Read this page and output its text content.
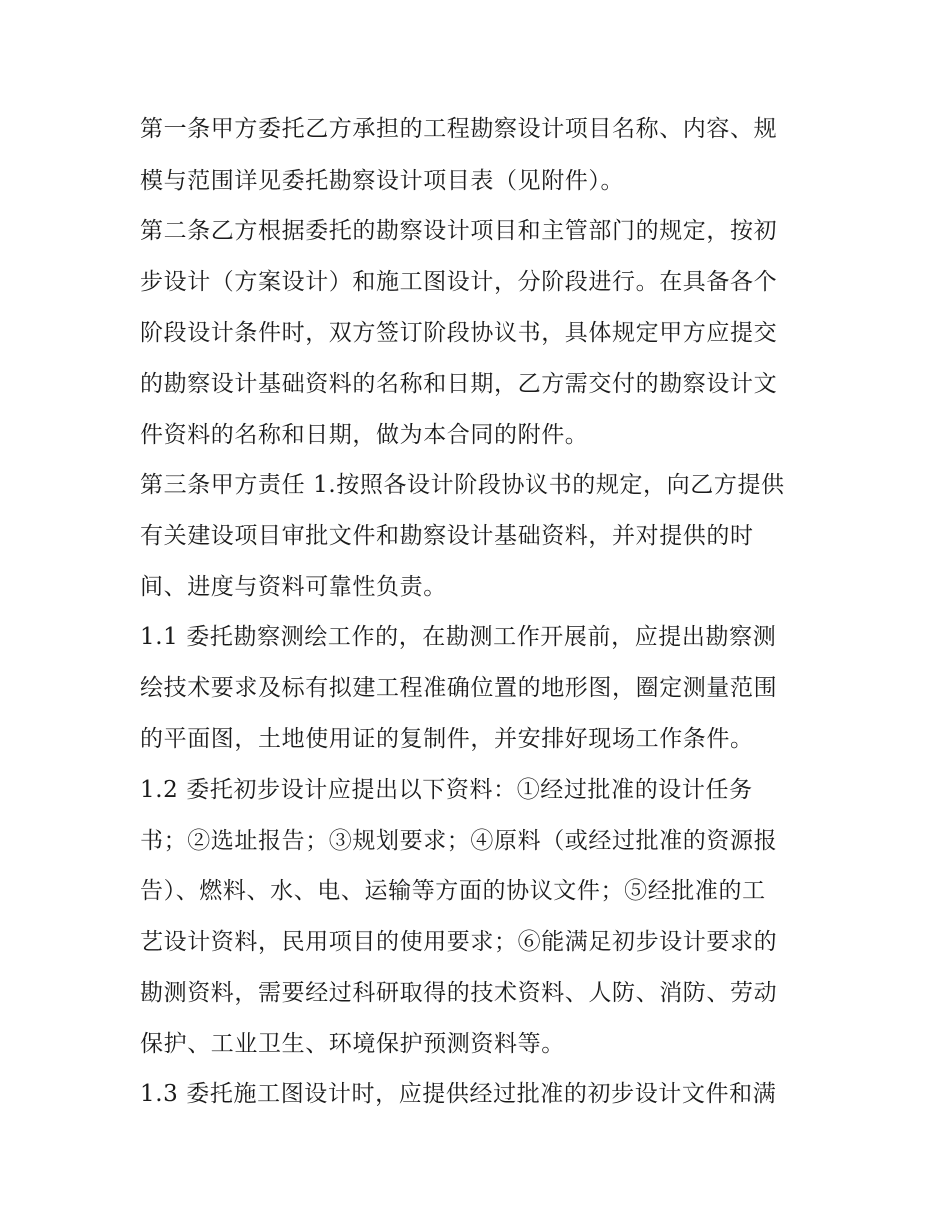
第一条甲方委托乙方承担的工程勘察设计项目名称、内容、规

模与范围详见委托勘察设计项目表（见附件）。

第二条乙方根据委托的勘察设计项目和主管部门的规定，按初

步设计（方案设计）和施工图设计，分阶段进行。在具备各个

阶段设计条件时，双方签订阶段协议书，具体规定甲方应提交

的勘察设计基础资料的名称和日期，乙方需交付的勘察设计文

件资料的名称和日期，做为本合同的附件。

第三条甲方责任 1.按照各设计阶段协议书的规定，向乙方提供

有关建设项目审批文件和勘察设计基础资料，并对提供的时

间、进度与资料可靠性负责。

1.1 委托勘察测绘工作的，在勘测工作开展前，应提出勘察测

绘技术要求及标有拟建工程准确位置的地形图，圈定测量范围

的平面图，土地使用证的复制件，并安排好现场工作条件。

1.2 委托初步设计应提出以下资料：①经过批准的设计任务

书；②选址报告；③规划要求；④原料（或经过批准的资源报

告）、燃料、水、电、运输等方面的协议文件；⑤经批准的工

艺设计资料，民用项目的使用要求；⑥能满足初步设计要求的

勘测资料，需要经过科研取得的技术资料、人防、消防、劳动

保护、工业卫生、环境保护预测资料等。

1.3 委托施工图设计时，应提供经过批准的初步设计文件和满
